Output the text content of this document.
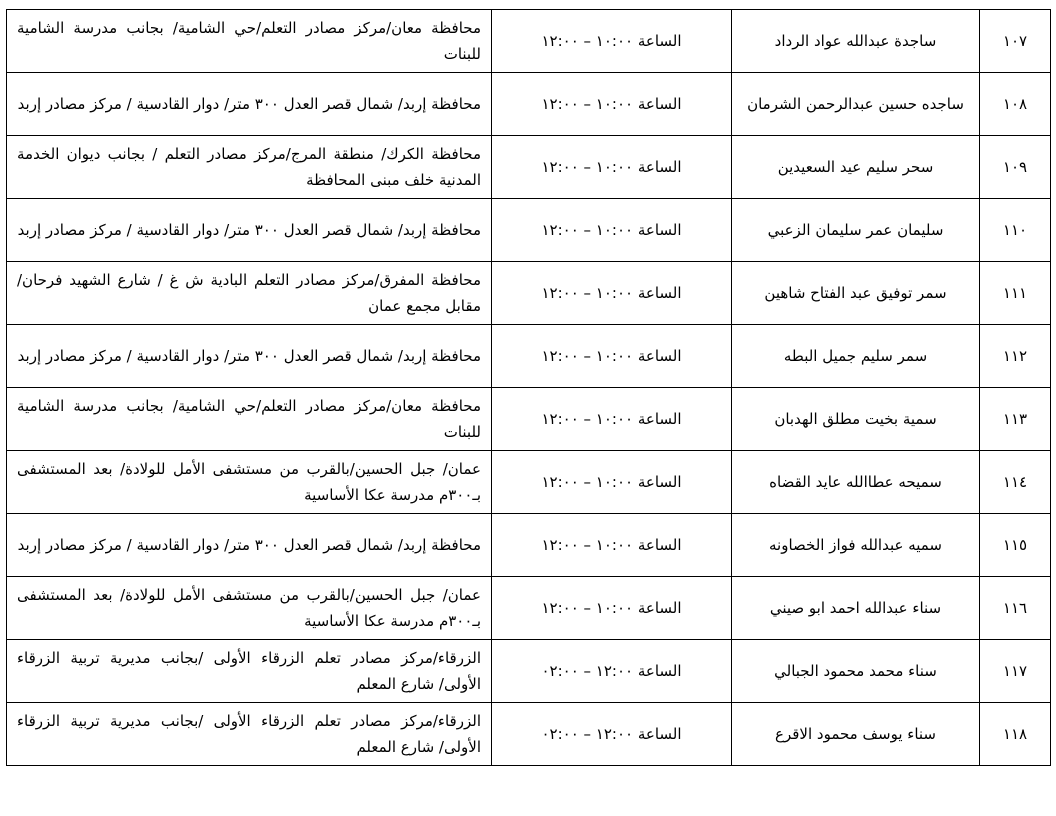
١٠٧	ساجدة عبدالله عواد الرداد	الساعة ١٠:٠٠ – ١٢:٠٠	محافظة معان/مركز مصادر التعلم/حي الشامية/ بجانب مدرسة الشامية للبنات

١٠٨	ساجده حسين عبدالرحمن الشرمان	الساعة ١٠:٠٠ – ١٢:٠٠	محافظة إربد/ شمال قصر العدل ٣٠٠ متر/ دوار القادسية / مركز مصادر إربد

١٠٩	سحر سليم عيد السعيدين	الساعة ١٠:٠٠ – ١٢:٠٠	محافظة الكرك/ منطقة المرج/مركز مصادر التعلم / بجانب ديوان الخدمة المدنية خلف مبنى المحافظة

١١٠	سليمان عمر سليمان الزعبي	الساعة ١٠:٠٠ – ١٢:٠٠	محافظة إربد/ شمال قصر العدل ٣٠٠ متر/ دوار القادسية / مركز مصادر إربد

١١١	سمر توفيق عبد الفتاح شاهين	الساعة ١٠:٠٠ – ١٢:٠٠	محافظة المفرق/مركز مصادر التعلم البادية ش غ / شارع الشهيد فرحان/ مقابل مجمع عمان

١١٢	سمر سليم جميل البطه	الساعة ١٠:٠٠ – ١٢:٠٠	محافظة إربد/ شمال قصر العدل ٣٠٠ متر/ دوار القادسية / مركز مصادر إربد

١١٣	سمية بخيت مطلق الهدبان	الساعة ١٠:٠٠ – ١٢:٠٠	محافظة معان/مركز مصادر التعلم/حي الشامية/ بجانب مدرسة الشامية للبنات

١١٤	سميحه عطاالله عايد القضاه	الساعة ١٠:٠٠ – ١٢:٠٠	عمان/ جبل الحسين/بالقرب من مستشفى الأمل للولادة/ بعد المستشفى بـ٣٠٠م مدرسة عكا الأساسية

١١٥	سميه عبدالله فواز الخصاونه	الساعة ١٠:٠٠ – ١٢:٠٠	محافظة إربد/ شمال قصر العدل ٣٠٠ متر/ دوار القادسية / مركز مصادر إربد

١١٦	سناء عبدالله احمد ابو صيني	الساعة ١٠:٠٠ – ١٢:٠٠	عمان/ جبل الحسين/بالقرب من مستشفى الأمل للولادة/ بعد المستشفى بـ٣٠٠م مدرسة عكا الأساسية

١١٧	سناء محمد محمود الجبالي	الساعة ١٢:٠٠ – ٠٢:٠٠	الزرقاء/مركز مصادر تعلم الزرقاء الأولى /بجانب مديرية تربية الزرقاء الأولى/ شارع المعلم

١١٨	سناء يوسف محمود الاقرع	الساعة ١٢:٠٠ – ٠٢:٠٠	الزرقاء/مركز مصادر تعلم الزرقاء الأولى /بجانب مديرية تربية الزرقاء الأولى/ شارع المعلم
